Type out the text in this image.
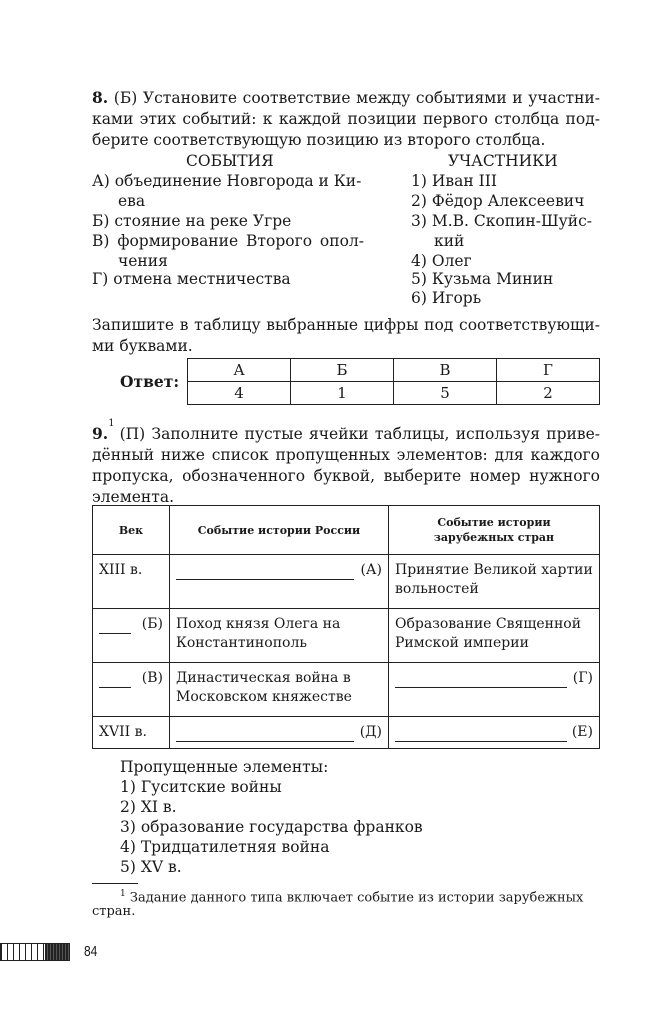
8. (Б) Установите соответствие между событиями и участни-
ками этих событий: к каждой позиции первого столбца под-
берите соответствующую позицию из второго столбца.
СОБЫТИЯ	УЧАСТНИКИ
А) объединение Новгорода и Ки-
ева
Б) стояние на реке Угре
В) формирование Второго опол-
чения
Г) отмена местничества
1) Иван III
2) Фёдор Алексеевич
3) М.В. Скопин-Шуйс-
кий
4) Олег
5) Кузьма Минин
6) Игорь
Запишите в таблицу выбранные цифры под соответствующи-
ми буквами.
Ответ:
А	Б	В	Г
4	1	5	2
9.
1
(П) Заполните пустые ячейки таблицы, используя приве-
дённый ниже список пропущенных элементов: для каждого
пропуска, обозначенного буквой, выберите номер нужного
элемента.
Век	Событие истории России	Событие истории зарубежных стран
XIII в.	(А)	Принятие Великой хартии вольностей

(Б)	Поход князя Олега на Константинополь	Образование Священной Римской империи

(В)	Династическая война в Московском княжестве	(Г)

XVII в.	(Д)	(Е)
Пропущенные элементы:
1) Гуситские войны
2) XI в.
3) образование государства франков
4) Тридцатилетняя война
5) XV в.
$^1$ Задание данного типа включает событие из истории зарубежных
стран.
84
